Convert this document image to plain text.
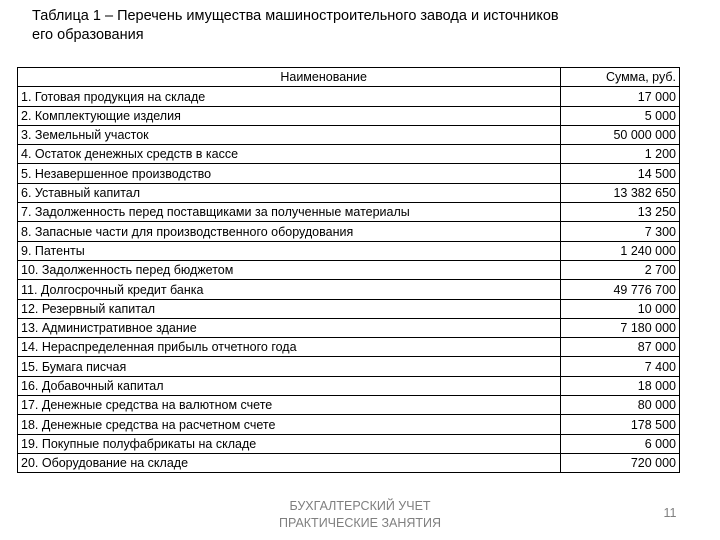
Таблица 1 – Перечень имущества машиностроительного завода и источников
его образования
Наименование	Сумма, руб.
1. Готовая продукция на складе	17 000
2. Комплектующие изделия	5 000
3. Земельный участок	50 000 000
4. Остаток денежных средств в кассе	1 200
5. Незавершенное производство	14 500
6. Уставный капитал	13 382 650
7. Задолженность перед поставщиками за полученные материалы	13 250
8. Запасные части для производственного оборудования	7 300
9. Патенты	1 240 000
10. Задолженность перед бюджетом	2 700
11. Долгосрочный кредит банка	49 776 700
12. Резервный капитал	10 000
13. Административное здание	7 180 000
14. Нераспределенная прибыль отчетного года	87 000
15. Бумага писчая	7 400
16. Добавочный капитал	18 000
17. Денежные средства на валютном счете	80 000
18. Денежные средства на расчетном счете	178 500
19. Покупные полуфабрикаты на складе	6 000
20. Оборудование на складе	720 000
БУХГАЛТЕРСКИЙ УЧЕТ
ПРАКТИЧЕСКИЕ ЗАНЯТИЯ
11
